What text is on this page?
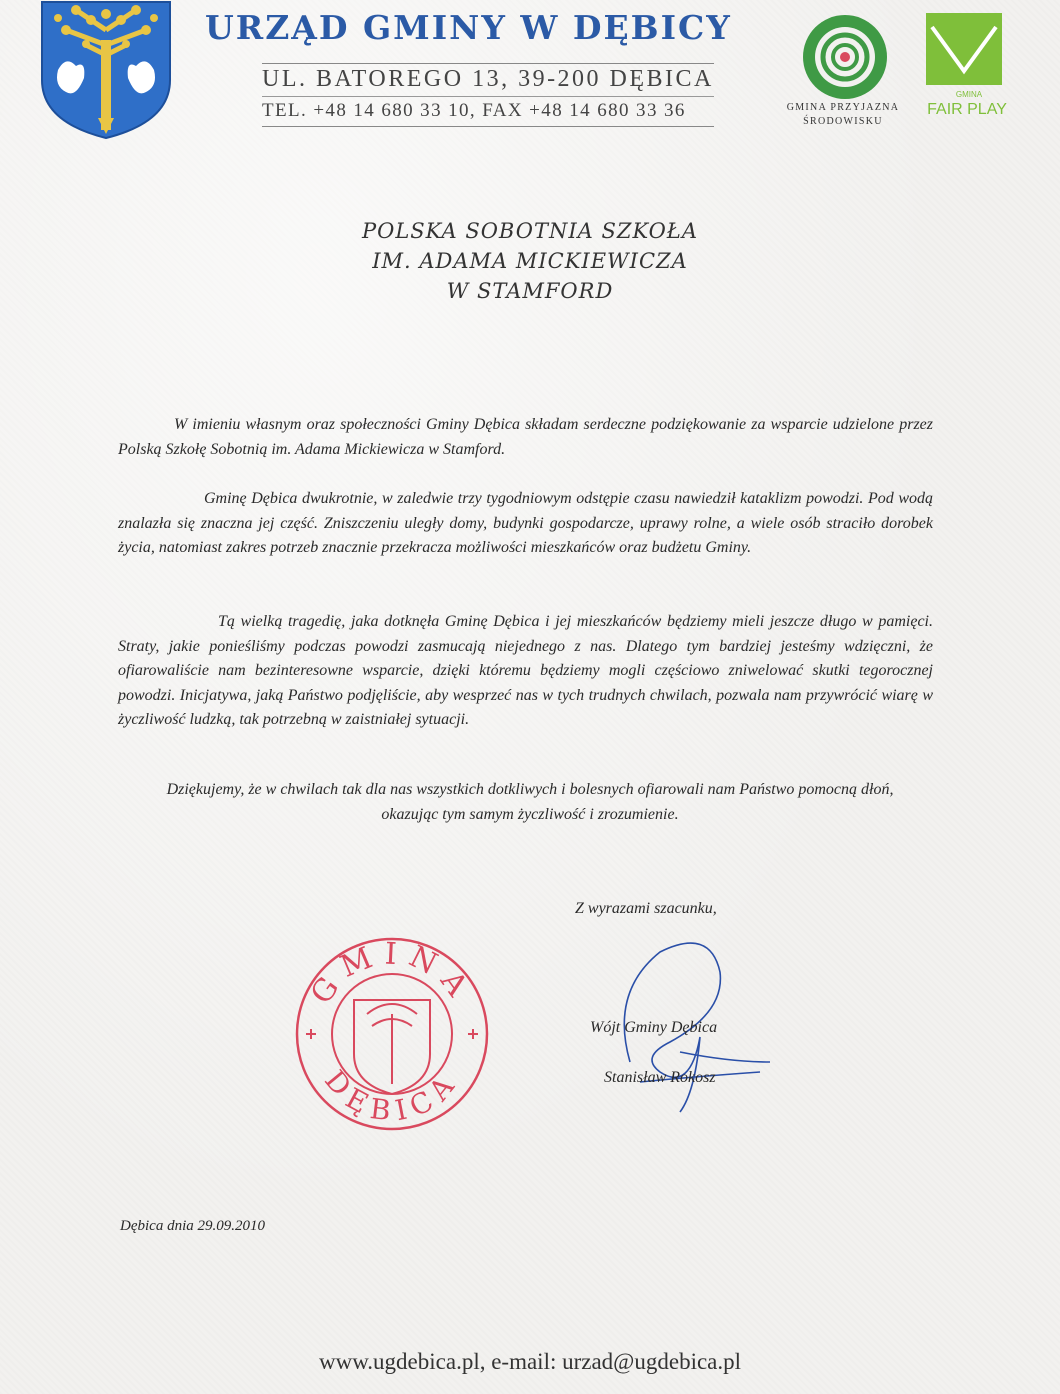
URZĄD GMINY W DĘBICY
UL. BATOREGO 13, 39-200 DĘBICA
TEL. +48 14 680 33 10, FAX +48 14 680 33 36	GMINA PRZYJAZNA
ŚRODOWISKU
GMINA
FAIR PLAY
POLSKA SOBOTNIA SZKOŁA
IM. ADAMA MICKIEWICZA
W STAMFORD
W imieniu własnym oraz społeczności Gminy Dębica składam serdeczne podziękowanie za wsparcie udzielone przez Polską Szkołę Sobotnią im. Adama Mickiewicza w Stamford.
Gminę Dębica dwukrotnie, w zaledwie trzy tygodniowym odstępie czasu nawiedził kataklizm powodzi. Pod wodą znalazła się znaczna jej część. Zniszczeniu uległy domy, budynki gospodarcze, uprawy rolne, a wiele osób straciło dorobek życia, natomiast zakres potrzeb znacznie przekracza możliwości mieszkańców oraz budżetu Gminy.
Tą wielką tragedię, jaka dotknęła Gminę Dębica i jej mieszkańców będziemy mieli jeszcze długo w pamięci. Straty, jakie ponieśliśmy podczas powodzi zasmucają niejednego z nas. Dlatego tym bardziej jesteśmy wdzięczni, że ofiarowaliście nam bezinteresowne wsparcie, dzięki któremu będziemy mogli częściowo zniwelować skutki tegorocznej powodzi. Inicjatywa, jaką Państwo podjęliście, aby wesprzeć nas w tych trudnych chwilach, pozwala nam przywrócić wiarę w życzliwość ludzką, tak potrzebną w zaistniałej sytuacji.
Dziękujemy, że w chwilach tak dla nas wszystkich dotkliwych i bolesnych ofiarowali nam Państwo pomocną dłoń, okazując tym samym życzliwość i zrozumienie.
Z wyrazami szacunku,
GMINA
DĘBICA
Wójt Gminy Dębica
Stanisław Rokosz
Dębica dnia 29.09.2010
www.ugdebica.pl, e-mail: urzad@ugdebica.pl
